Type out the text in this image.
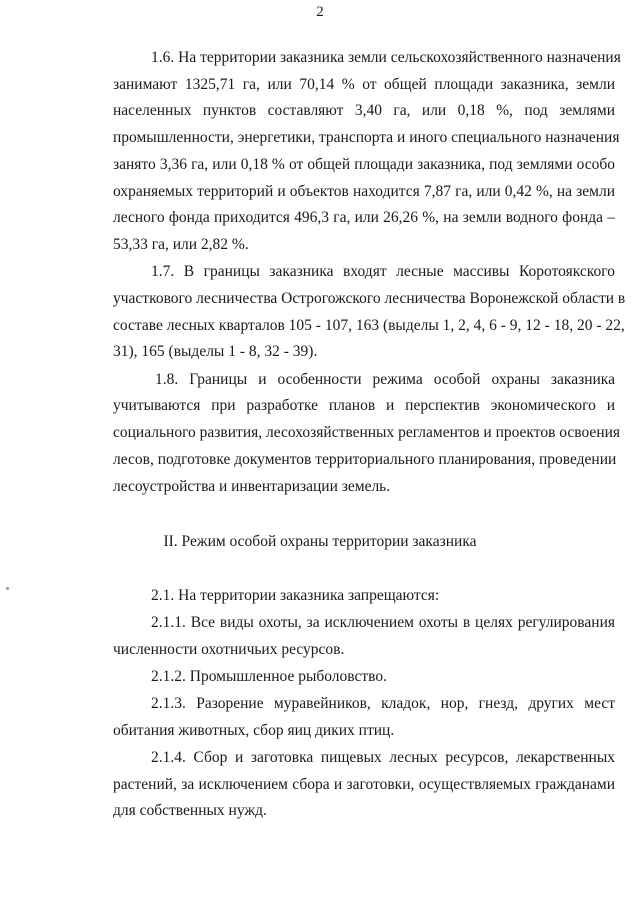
2
1.6. На территории заказника земли сельскохозяйственного назначения
занимают 1325,71 га, или 70,14 % от общей площади заказника, земли
населенных пунктов составляют 3,40 га, или 0,18 %, под землями
промышленности, энергетики, транспорта и иного специального назначения
занято 3,36 га, или 0,18 % от общей площади заказника, под землями особо
охраняемых территорий и объектов находится 7,87 га, или 0,42 %, на земли
лесного фонда приходится 496,3 га, или 26,26 %, на земли водного фонда –
53,33 га, или 2,82 %.
1.7. В границы заказника входят лесные массивы Коротоякского
участкового лесничества Острогожского лесничества Воронежской области в
составе лесных кварталов 105 - 107, 163 (выделы 1, 2, 4, 6 - 9, 12 - 18, 20 - 22,
31), 165 (выделы 1 - 8, 32 - 39).
1.8. Границы и особенности режима особой охраны заказника
учитываются при разработке планов и перспектив экономического и
социального развития, лесохозяйственных регламентов и проектов освоения
лесов, подготовке документов территориального планирования, проведении
лесоустройства и инвентаризации земель.
II. Режим особой охраны территории заказника
2.1. На территории заказника запрещаются:
2.1.1. Все виды охоты, за исключением охоты в целях регулирования
численности охотничьих ресурсов.
2.1.2. Промышленное рыболовство.
2.1.3. Разорение муравейников, кладок, нор, гнезд, других мест
обитания животных, сбор яиц диких птиц.
2.1.4. Сбор и заготовка пищевых лесных ресурсов, лекарственных
растений, за исключением сбора и заготовки, осуществляемых гражданами
для собственных нужд.
